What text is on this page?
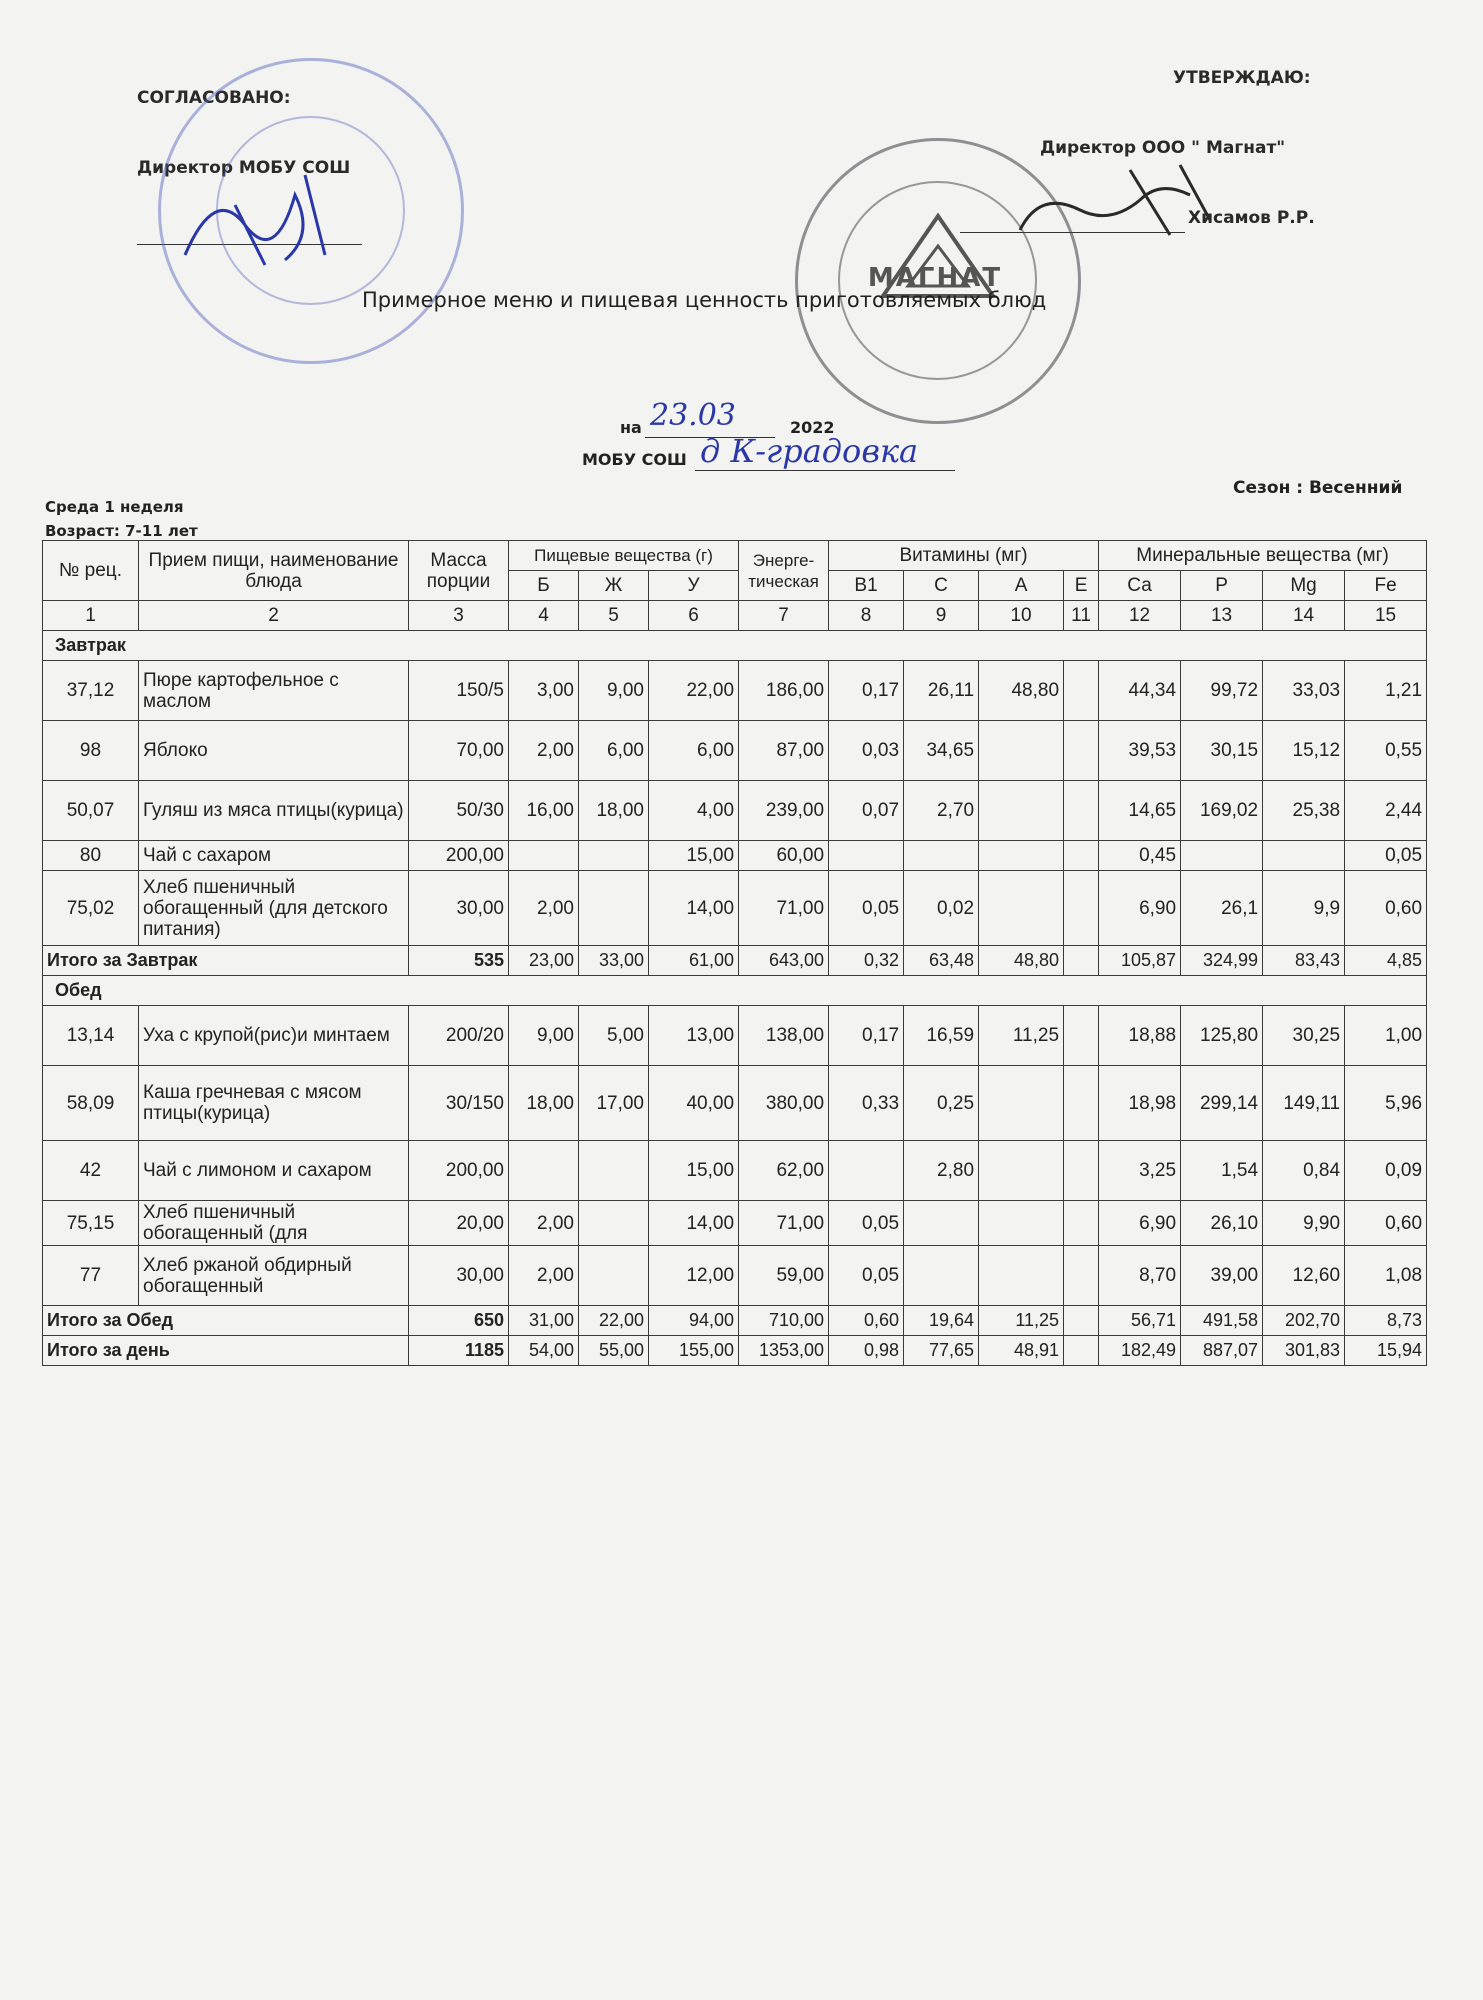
СОГЛАСОВАНО:
Директор МОБУ СОШ
УТВЕРЖДАЮ:
Директор ООО " Магнат"
Хисамов Р.Р.
МАГНАТ
Примерное меню и пищевая ценность приготовляемых блюд
на 23.03	2022
МОБУ СОШ д К-градовка
Среда 1 неделя
Возраст: 7-11 лет
Сезон : Весенний
№ рец.	Прием пищи, наименование блюда	Масса порции	Пищевые вещества (г)			Энерге-тическая	Витамины (мг)				Минеральные вещества (мг)			
			Б	Ж	У		В1	С	А	Е	Са	Р	Mg	Fe
1	2	3	4	5	6	7	8	9	10	11	12	13	14	15
Завтрак														
37,12	Пюре картофельное с маслом	150/5	3,00	9,00	22,00	186,00	0,17	26,11	48,80		44,34	99,72	33,03	1,21
98	Яблоко	70,00	2,00	6,00	6,00	87,00	0,03	34,65			39,53	30,15	15,12	0,55
50,07	Гуляш из мяса птицы(курица)	50/30	16,00	18,00	4,00	239,00	0,07	2,70			14,65	169,02	25,38	2,44
80	Чай с сахаром	200,00			15,00	60,00					0,45			0,05
75,02	Хлеб пшеничный обогащенный (для детского питания)	30,00	2,00		14,00	71,00	0,05	0,02			6,90	26,1	9,9	0,60
Итого за Завтрак		535	23,00	33,00	61,00	643,00	0,32	63,48	48,80		105,87	324,99	83,43	4,85
Обед														
13,14	Уха с крупой(рис)и минтаем	200/20	9,00	5,00	13,00	138,00	0,17	16,59	11,25		18,88	125,80	30,25	1,00
58,09	Каша гречневая с мясом птицы(курица)	30/150	18,00	17,00	40,00	380,00	0,33	0,25			18,98	299,14	149,11	5,96
42	Чай с лимоном и сахаром	200,00			15,00	62,00		2,80			3,25	1,54	0,84	0,09
75,15	Хлеб пшеничный обогащенный (для	20,00	2,00		14,00	71,00	0,05				6,90	26,10	9,90	0,60
77	Хлеб ржаной обдирный обогащенный	30,00	2,00		12,00	59,00	0,05				8,70	39,00	12,60	1,08
Итого за Обед		650	31,00	22,00	94,00	710,00	0,60	19,64	11,25		56,71	491,58	202,70	8,73
Итого за день		1185	54,00	55,00	155,00	1353,00	0,98	77,65	48,91		182,49	887,07	301,83	15,94
